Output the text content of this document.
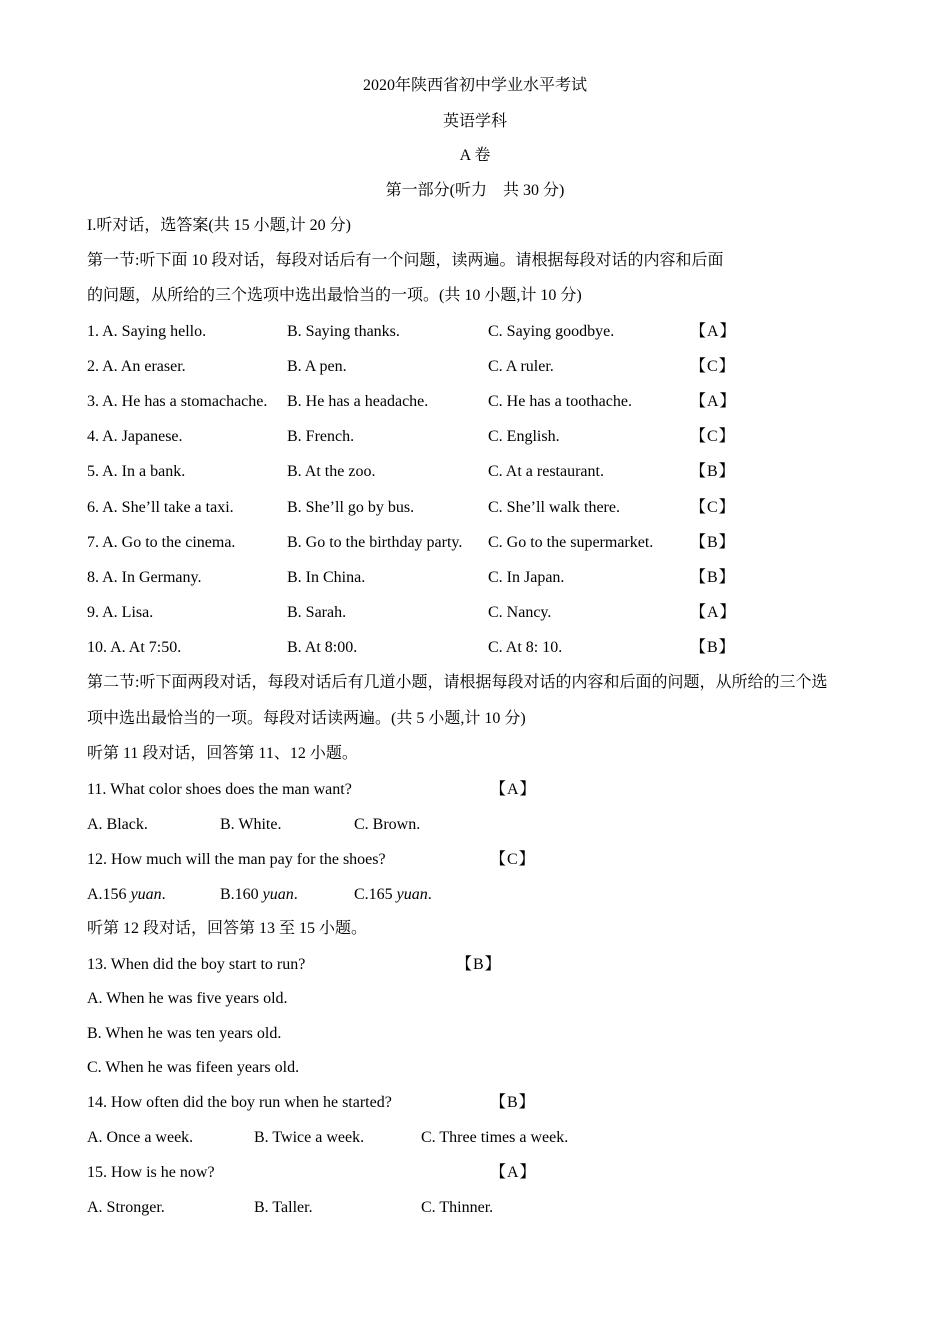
2020年陕西省初中学业水平考试
英语学科
A 卷
第一部分(听力　共 30 分)
I.听对话，选答案(共 15 小题,计 20 分)
第一节:听下面 10 段对话，每段对话后有一个问题，读两遍。请根据每段对话的内容和后面
的问题，从所给的三个选项中选出最恰当的一项。(共 10 小题,计 10 分)
1. A. Saying hello.	B. Saying thanks.	C. Saying goodbye.	【A】
2. A. An eraser.	B. A pen.	C. A ruler.	【C】
3. A. He has a stomachache. B. He has a headache.	C. He has a toothache.	【A】
4. A. Japanese.	B. French.	C. English.	【C】
5. A. In a bank.	B. At the zoo.	C. At a restaurant.	【B】
6. A. She’ll take a taxi.	B. She’ll go by bus.	C. She’ll walk there.	【C】
7. A. Go to the cinema.	B. Go to the birthday party. C. Go to the supermarket. 【B】
8. A. In Germany.	B. In China.	C. In Japan.	【B】
9. A. Lisa.	B. Sarah.	C. Nancy.	【A】
10. A. At 7:50.	B. At 8:00.	C. At 8: 10.	【B】
第二节:听下面两段对话，每段对话后有几道小题，请根据每段对话的内容和后面的问题，从所给的三个选
项中选出最恰当的一项。每段对话读两遍。(共 5 小题,计 10 分)
听第 11 段对话，回答第 11、12 小题。
11. What color shoes does the man want?	【A】
A. Black.	B. White.	C. Brown.
12. How much will the man pay for the shoes?	【C】
A.156 yuan.	B.160 yuan.	C.165 yuan.
听第 12 段对话，回答第 13 至 15 小题。
13. When did the boy start to run?	【B】
A. When he was five years old.
B. When he was ten years old.
C. When he was fifeen years old.
14. How often did the boy run when he started?	【B】
A. Once a week.	B. Twice a week.	C. Three times a week.
15. How is he now?	【A】
A. Stronger.	B. Taller.	C. Thinner.
